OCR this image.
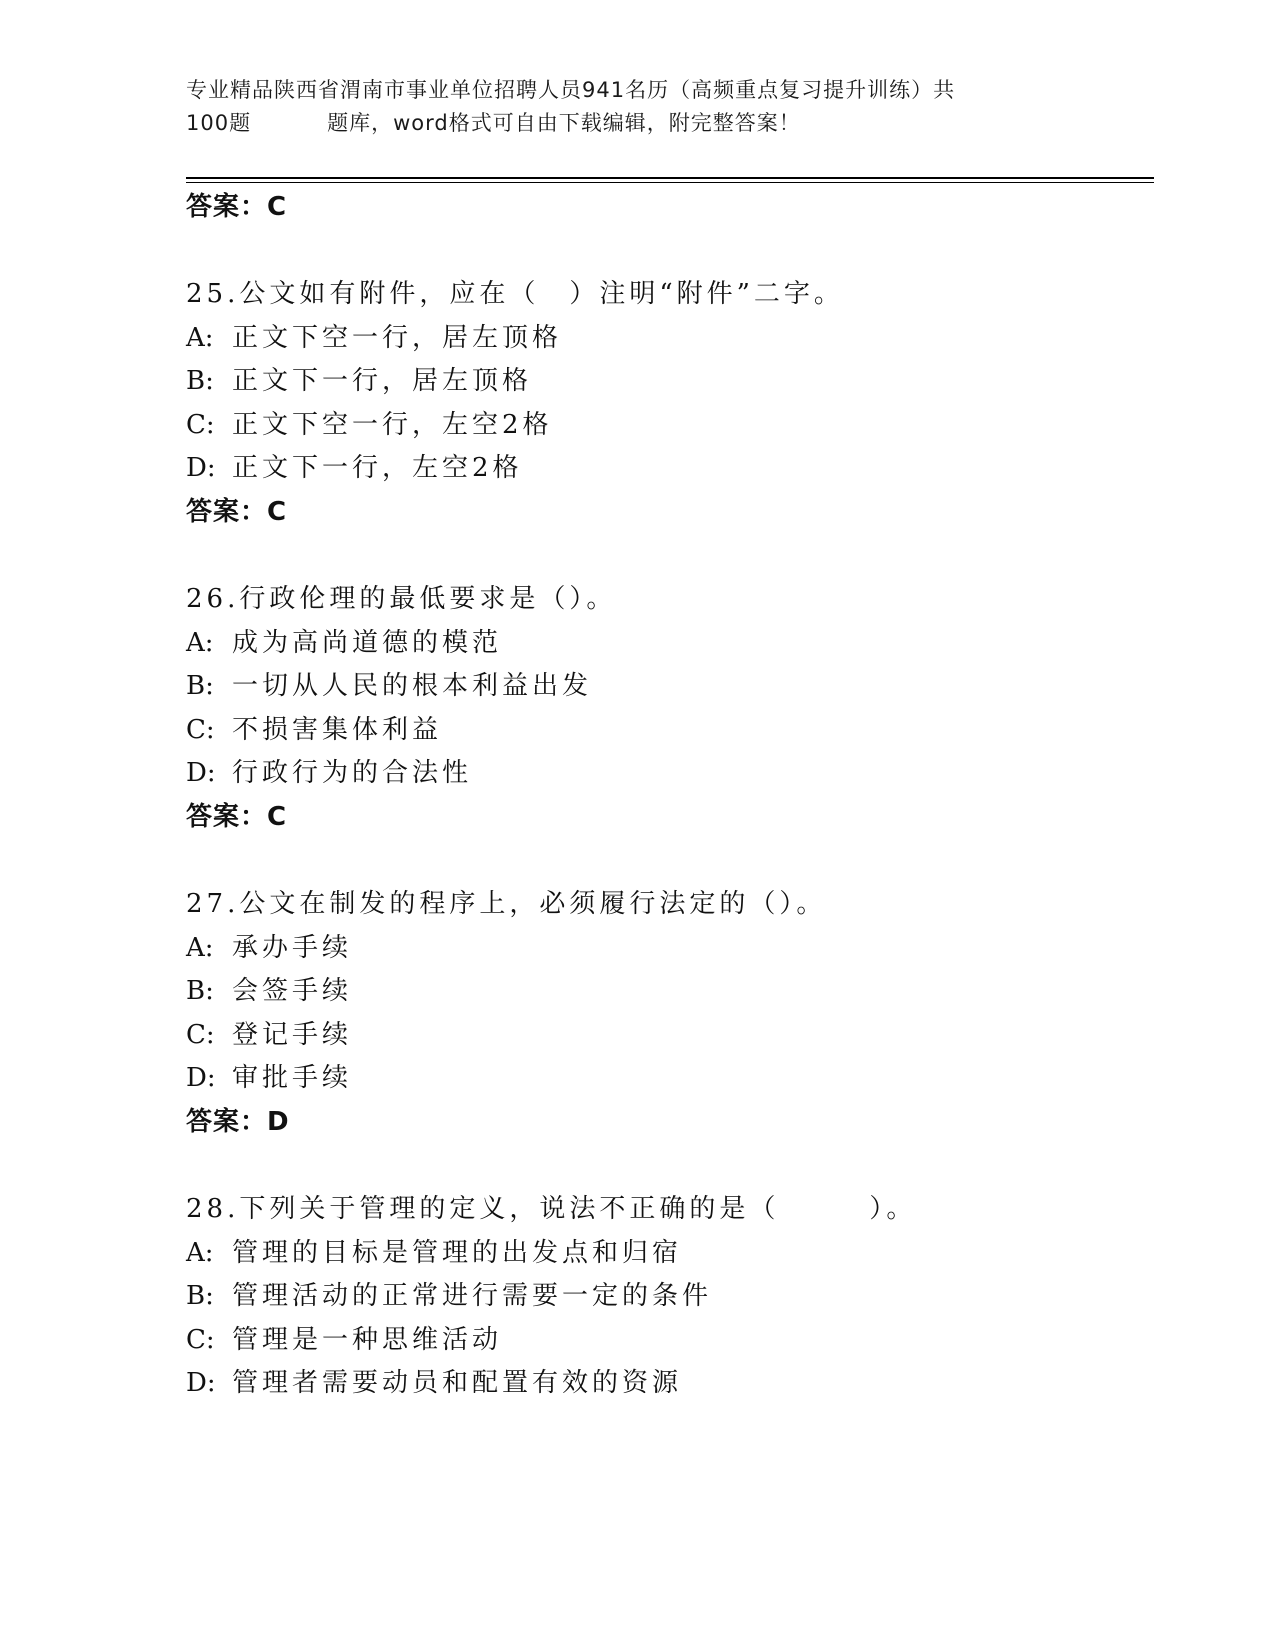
专业精品陕西省渭南市事业单位招聘人员941名历（高频重点复习提升训练）共
100题	题库，word格式可自由下载编辑，附完整答案！
答案：C
25.公文如有附件，应在（　）注明“附件”二字。
A: 正文下空一行，居左顶格
B: 正文下一行，居左顶格
C: 正文下空一行，左空2格
D: 正文下一行，左空2格
答案：C
26.行政伦理的最低要求是（）。
A: 成为高尚道德的模范
B: 一切从人民的根本利益出发
C: 不损害集体利益
D: 行政行为的合法性
答案：C
27.公文在制发的程序上，必须履行法定的（）。
A: 承办手续
B: 会签手续
C: 登记手续
D: 审批手续
答案：D
28.下列关于管理的定义，说法不正确的是（　　　）。
A: 管理的目标是管理的出发点和归宿
B: 管理活动的正常进行需要一定的条件
C: 管理是一种思维活动
D: 管理者需要动员和配置有效的资源
